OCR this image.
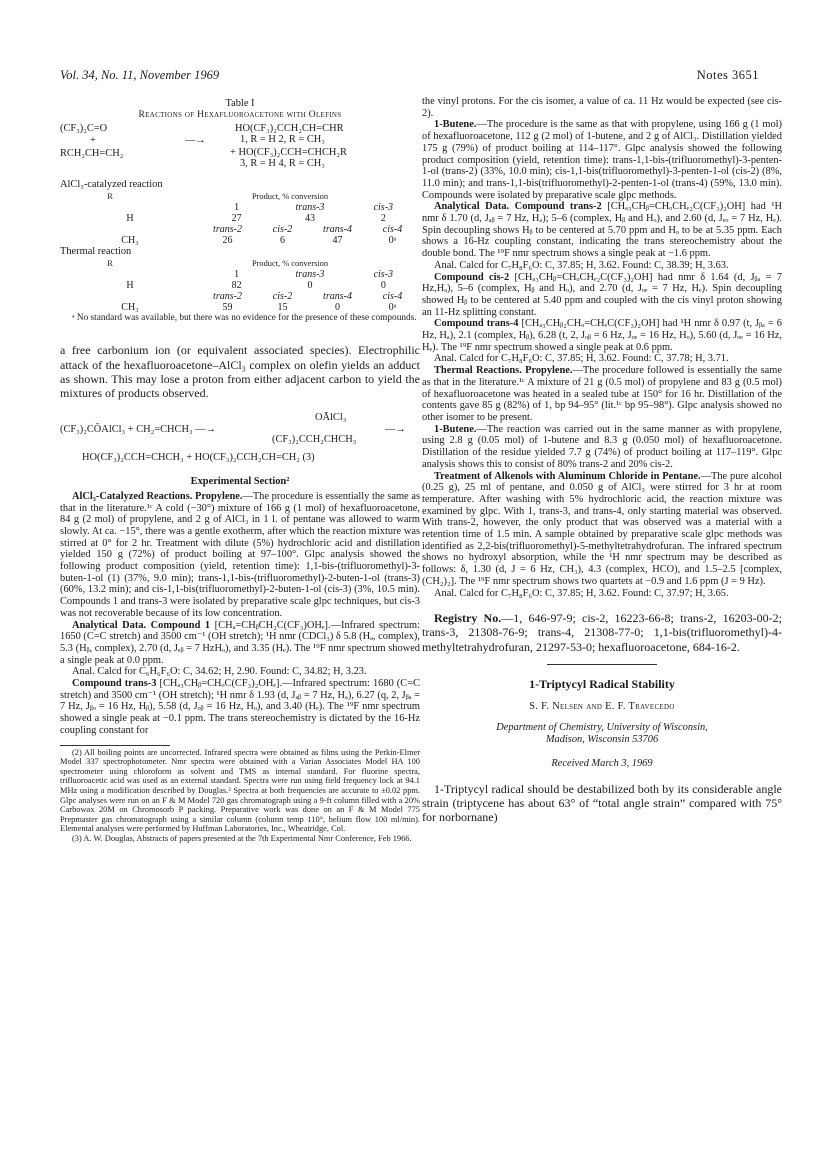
Vol. 34, No. 11, November 1969	Notes 3651
Table I
Reactions of Hexafluoroacetone with Olefins
(CF₃)₂C=O
+
RCH₂CH=CH₂
—→
HO(CF₃)₂CCH₂CH=CHR
1, R = H 2, R = CH₃
+ HO(CF₃)₂CCH=CHCH₂R
3, R = H 4, R = CH₃
AlCl₃-catalyzed reaction
R	Product, % conversion
1	trans-3	cis-3
H	27	43	2
trans-2	cis-2	trans-4	cis-4
CH₃	26	6	47	0ᵃ
Thermal reaction
R	Product, % conversion
1	trans-3	cis-3
H	82	0	0
trans-2	cis-2	trans-4	cis-4
CH₃	59	15	0	0ᵃ

ᵃ No standard was available, but there was no evidence for the presence of these compounds.

a free carbonium ion (or equivalent associated species). Electrophilic attack of the hexafluoroacetone–AlCl₃ complex on olefin yields an adduct as shown. This may lose a proton from either adjacent carbon to yield the mixtures of products observed.

(CF₃)₂CŌAlCl₃ + CH₂=CHCH₃ —→
OĀlCl₃
(CF₃)₂CCH₂CHCH₃
—→
HO(CF₃)₂CCH=CHCH₃ + HO(CF₃)₂CCH₂CH=CH₂ (3)
Experimental Section²

AlCl₃-Catalyzed Reactions. Propylene.—The procedure is essentially the same as that in the literature.¹ᶜ A cold (−30°) mixture of 166 g (1 mol) of hexafluoroacetone, 84 g (2 mol) of propylene, and 2 g of AlCl₃ in 1 l. of pentane was allowed to warm slowly. At ca. −15°, there was a gentle exotherm, after which the reaction mixture was stirred at 0° for 2 hr. Treatment with dilute (5%) hydrochloric acid and distillation yielded 150 g (72%) of product boiling at 97–100°. Glpc analysis showed the following product composition (yield, retention time): 1,1-bis-(trifluoromethyl)-3-buten-1-ol (1) (37%, 9.0 min); trans-1,1-bis-(trifluoromethyl)-2-buten-1-ol (trans-3)(60%, 13.2 min); and cis-1,1-bis(trifluoromethyl)-2-buten-1-ol (cis-3) (3%, 10.5 min). Compounds 1 and trans-3 were isolated by preparative scale glpc techniques, but cis-3 was not recoverable because of its low concentration.

Analytical Data. Compound 1 [CHₐ=CHᵦCH₂C(CF₃)OHₑ].—Infrared spectrum: 1650 (C=C stretch) and 3500 cm⁻¹ (OH stretch); ¹H nmr (CDCl₃) δ 5.8 (Hₐ, complex), 5.3 (Hᵦ, complex), 2.70 (d, Jₑᵦ = 7 HzHₒ), and 3.35 (Hₑ). The ¹⁹F nmr spectrum showed a single peak at 0.0 ppm.

Anal. Calcd for C₆H₆F₆O: C, 34.62; H, 2.90. Found: C, 34.82; H, 3.23.

Compound trans-3 [CHₐ₃CHᵦ=CHₒC(CF₃)₂OHₑ].—Infrared spectrum: 1680 (C=C stretch) and 3500 cm⁻¹ (OH stretch); ¹H nmr δ 1.93 (d, Jₐᵦ = 7 Hz, Hₐ), 6.27 (q, 2, Jᵦₐ = 7 Hz, Jᵦₒ = 16 Hz, Hᵦ), 5.58 (d, Jₒᵦ = 16 Hz, Hₒ), and 3.40 (Hₑ). The ¹⁹F nmr spectrum showed a single peak at −0.1 ppm. The trans stereochemistry is dictated by the 16-Hz coupling constant for

(2) All boiling points are uncorrected. Infrared spectra were obtained as films using the Perkin-Elmer Model 337 spectrophotometer. Nmr spectra were obtained with a Varian Associates Model HA 100 spectrometer using chloroform as solvent and TMS as internal standard. For fluorine spectra, trifluoroacetic acid was used as an external standard. Spectra were run using field frequency lock at 94.1 MHz using a modification described by Douglas.³ Spectra at both frequencies are accurate to ±0.02 ppm. Glpc analyses were run on an F & M Model 720 gas chromatograph using a 9-ft column filled with a 20% Carbowax 20M on Chromosorb P packing. Preparative work was done on an F & M Model 775 Prepmaster gas chromatograph using a similar column (column temp 110°, helium flow 100 ml/min). Elemental analyses were performed by Huffman Laboratories, Inc., Wheatridge, Col.

(3) A. W. Douglas, Abstracts of papers presented at the 7th Experimental Nmr Conference, Feb 1966.

the vinyl protons. For the cis isomer, a value of ca. 11 Hz would be expected (see cis-2).

1-Butene.—The procedure is the same as that with propylene, using 166 g (1 mol) of hexafluoroacetone, 112 g (2 mol) of 1-butene, and 2 g of AlCl₃. Distillation yielded 175 g (79%) of product boiling at 114–117°. Glpc analysis showed the following product composition (yield, retention time): trans-1,1-bis-(trifluoromethyl)-3-penten-1-ol (trans-2) (33%, 10.0 min); cis-1,1-bis(trifluoromethyl)-3-penten-1-ol (cis-2) (8%, 11.0 min); and trans-1,1-bis(trifluoromethyl)-2-penten-1-ol (trans-4) (59%, 13.0 min). Compounds were isolated by preparative scale glpc methods.

Analytical Data. Compound trans-2 [CHₐ₃CHᵦ=CHₒCHₑ₂C(CF₃)₂OH] had ¹H nmr δ 1.70 (d, Jₐᵦ = 7 Hz, Hₐ); 5–6 (complex, Hᵦ and Hₒ), and 2.60 (d, Jₑₒ = 7 Hz, Hₑ). Spin decoupling shows Hᵦ to be centered at 5.70 ppm and Hₒ to be at 5.35 ppm. Each shows a 16-Hz coupling constant, indicating the trans stereochemistry about the double bond. The ¹⁹F nmr spectrum shows a single peak at −1.6 ppm.

Anal. Calcd for C₇H₈F₆O: C, 37.85; H, 3.62. Found: C, 38.39; H, 3.63.

Compound cis-2 [CHₐ₃CHᵦ=CHₒCHₑ₂C(CF₃)₂OH] had nmr δ 1.64 (d, Jᵦₐ = 7 Hz,Hₐ), 5–6 (complex, Hᵦ and Hₒ), and 2.70 (d, Jₒₑ = 7 Hz, Hₑ). Spin decoupling showed Hᵦ to be centered at 5.40 ppm and coupled with the cis vinyl proton showing an 11-Hz splitting constant.

Compound trans-4 [CHₐ₃CHᵦ₂CHₒ=CHₑC(CF₃)₂OH] had ¹H nmr δ 0.97 (t, Jᵦₐ = 6 Hz, Hₐ), 2.1 (complex, Hᵦ), 6.28 (t, 2, Jₒᵦ = 6 Hz, Jₒₑ = 16 Hz, Hₒ), 5.60 (d, Jₒₑ = 16 Hz, Hₑ). The ¹⁹F nmr spectrum showed a single peak at 0.6 ppm.

Anal. Calcd for C₇H₈F₆O: C, 37.85; H, 3.62. Found: C, 37.78; H, 3.71.

Thermal Reactions. Propylene.—The procedure followed is essentially the same as that in the literature.¹ᶜ A mixture of 21 g (0.5 mol) of propylene and 83 g (0.5 mol) of hexafluoroacetone was heated in a sealed tube at 150° for 16 hr. Distillation of the contents gave 85 g (82%) of 1, bp 94–95° (lit.¹ᶜ bp 95–98°). Glpc analysis showed no other isomer to be present.

1-Butene.—The reaction was carried out in the same manner as with propylene, using 2.8 g (0.05 mol) of 1-butene and 8.3 g (0.050 mol) of hexafluoroacetone. Distillation of the residue yielded 7.7 g (74%) of product boiling at 117–119°. Glpc analysis shows this to consist of 80% trans-2 and 20% cis-2.

Treatment of Alkenols with Aluminum Chloride in Pentane.—The pure alcohol (0.25 g), 25 ml of pentane, and 0.050 g of AlCl₃ were stirred for 3 hr at room temperature. After washing with 5% hydrochloric acid, the reaction mixture was examined by glpc. With 1, trans-3, and trans-4, only starting material was observed. With trans-2, however, the only product that was observed was a material with a retention time of 1.5 min. A sample obtained by preparative scale glpc methods was identified as 2,2-bis(trifluoromethyl)-5-methyltetrahydrofuran. The infrared spectrum shows no hydroxyl absorption, while the ¹H nmr spectrum may be described as follows: δ, 1.30 (d, J = 6 Hz, CH₃), 4.3 (complex, HCO), and 1.5–2.5 [complex, (CH₂)₂]. The ¹⁹F nmr spectrum shows two quartets at −0.9 and 1.6 ppm (J = 9 Hz).

Anal. Calcd for C₇H₈F₆O: C, 37.85; H, 3.62. Found: C, 37.97; H, 3.65.

Registry No.—1, 646-97-9; cis-2, 16223-66-8; trans-2, 16203-00-2; trans-3, 21308-76-9; trans-4, 21308-77-0; 1,1-bis(trifluoromethyl)-4-methyltetrahydrofuran, 21297-53-0; hexafluoroacetone, 684-16-2.

1-Triptycyl Radical Stability
S. F. Nelsen and E. F. Travecedo
Department of Chemistry, University of Wisconsin,
Madison, Wisconsin 53706
Received March 3, 1969

1-Triptycyl radical should be destabilized both by its considerable angle strain (triptycene has about 63° of “total angle strain” compared with 75° for norbornane)
